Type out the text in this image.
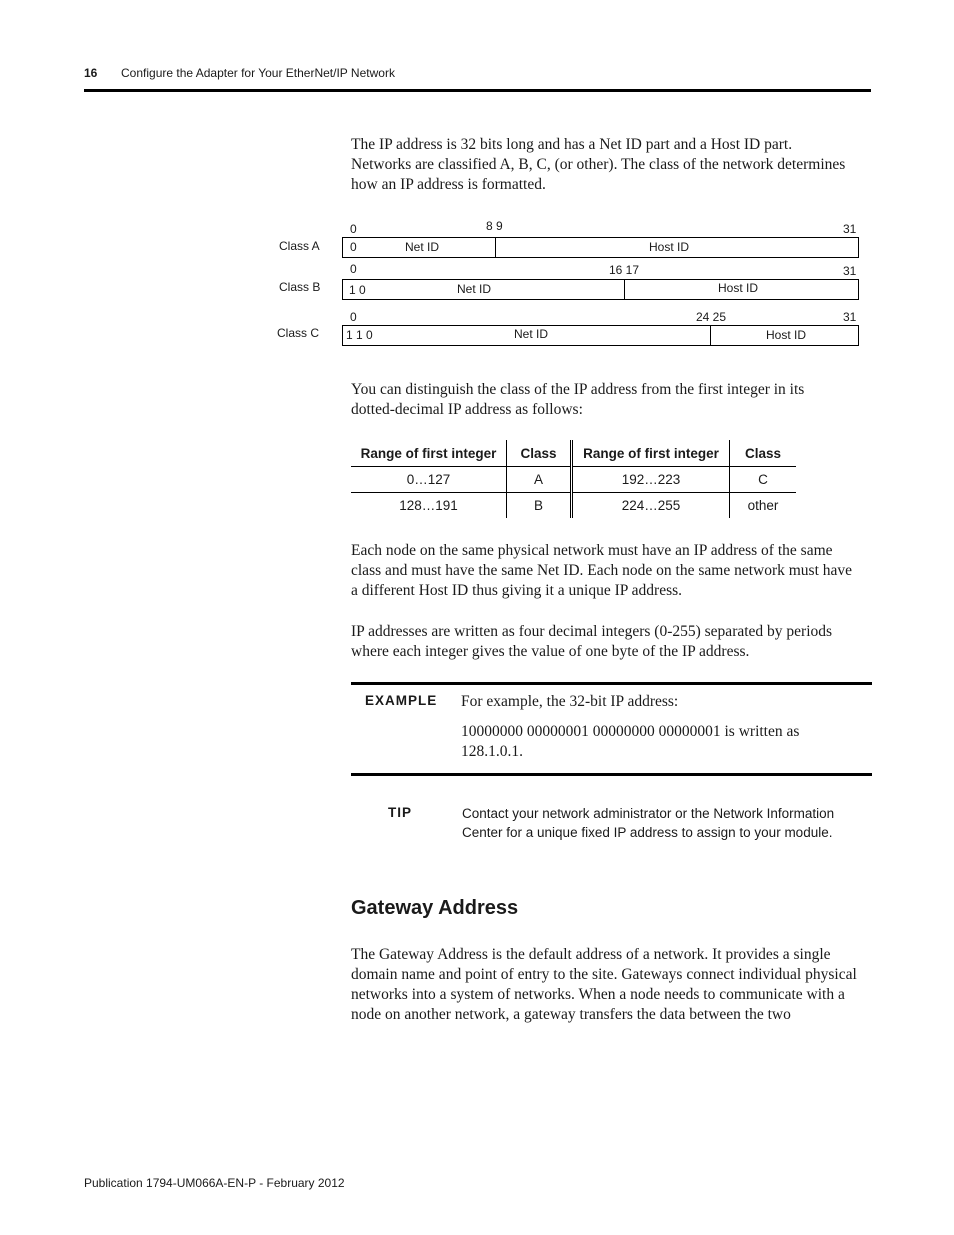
16 Configure the Adapter for Your EtherNet/IP Network
The IP address is 32 bits long and has a Net ID part and a Host ID part.
Networks are classified A, B, C, (or other). The class of the network determines
how an IP address is formatted.
Class A
0	8 9	31
0	Net ID	Host ID
Class B
0	16 17	31
1 0	Net ID	Host ID
Class C
0	24 25	31
1 1 0	Net ID	Host ID
You can distinguish the class of the IP address from the first integer in its
dotted-decimal IP address as follows:
Range of first integer	Class	Range of first integer	Class
0…127	A	192…223	C
128…191	B	224…255	other
Each node on the same physical network must have an IP address of the same
class and must have the same Net ID. Each node on the same network must have
a different Host ID thus giving it a unique IP address.
IP addresses are written as four decimal integers (0-255) separated by periods
where each integer gives the value of one byte of the IP address.
EXAMPLE For example, the 32-bit IP address:
10000000 00000001 00000000 00000001 is written as
128.1.0.1.
TIP	Contact your network administrator or the Network Information
Center for a unique fixed IP address to assign to your module.
Gateway Address
The Gateway Address is the default address of a network. It provides a single
domain name and point of entry to the site. Gateways connect individual physical
networks into a system of networks. When a node needs to communicate with a
node on another network, a gateway transfers the data between the two
Publication 1794-UM066A-EN-P - February 2012
